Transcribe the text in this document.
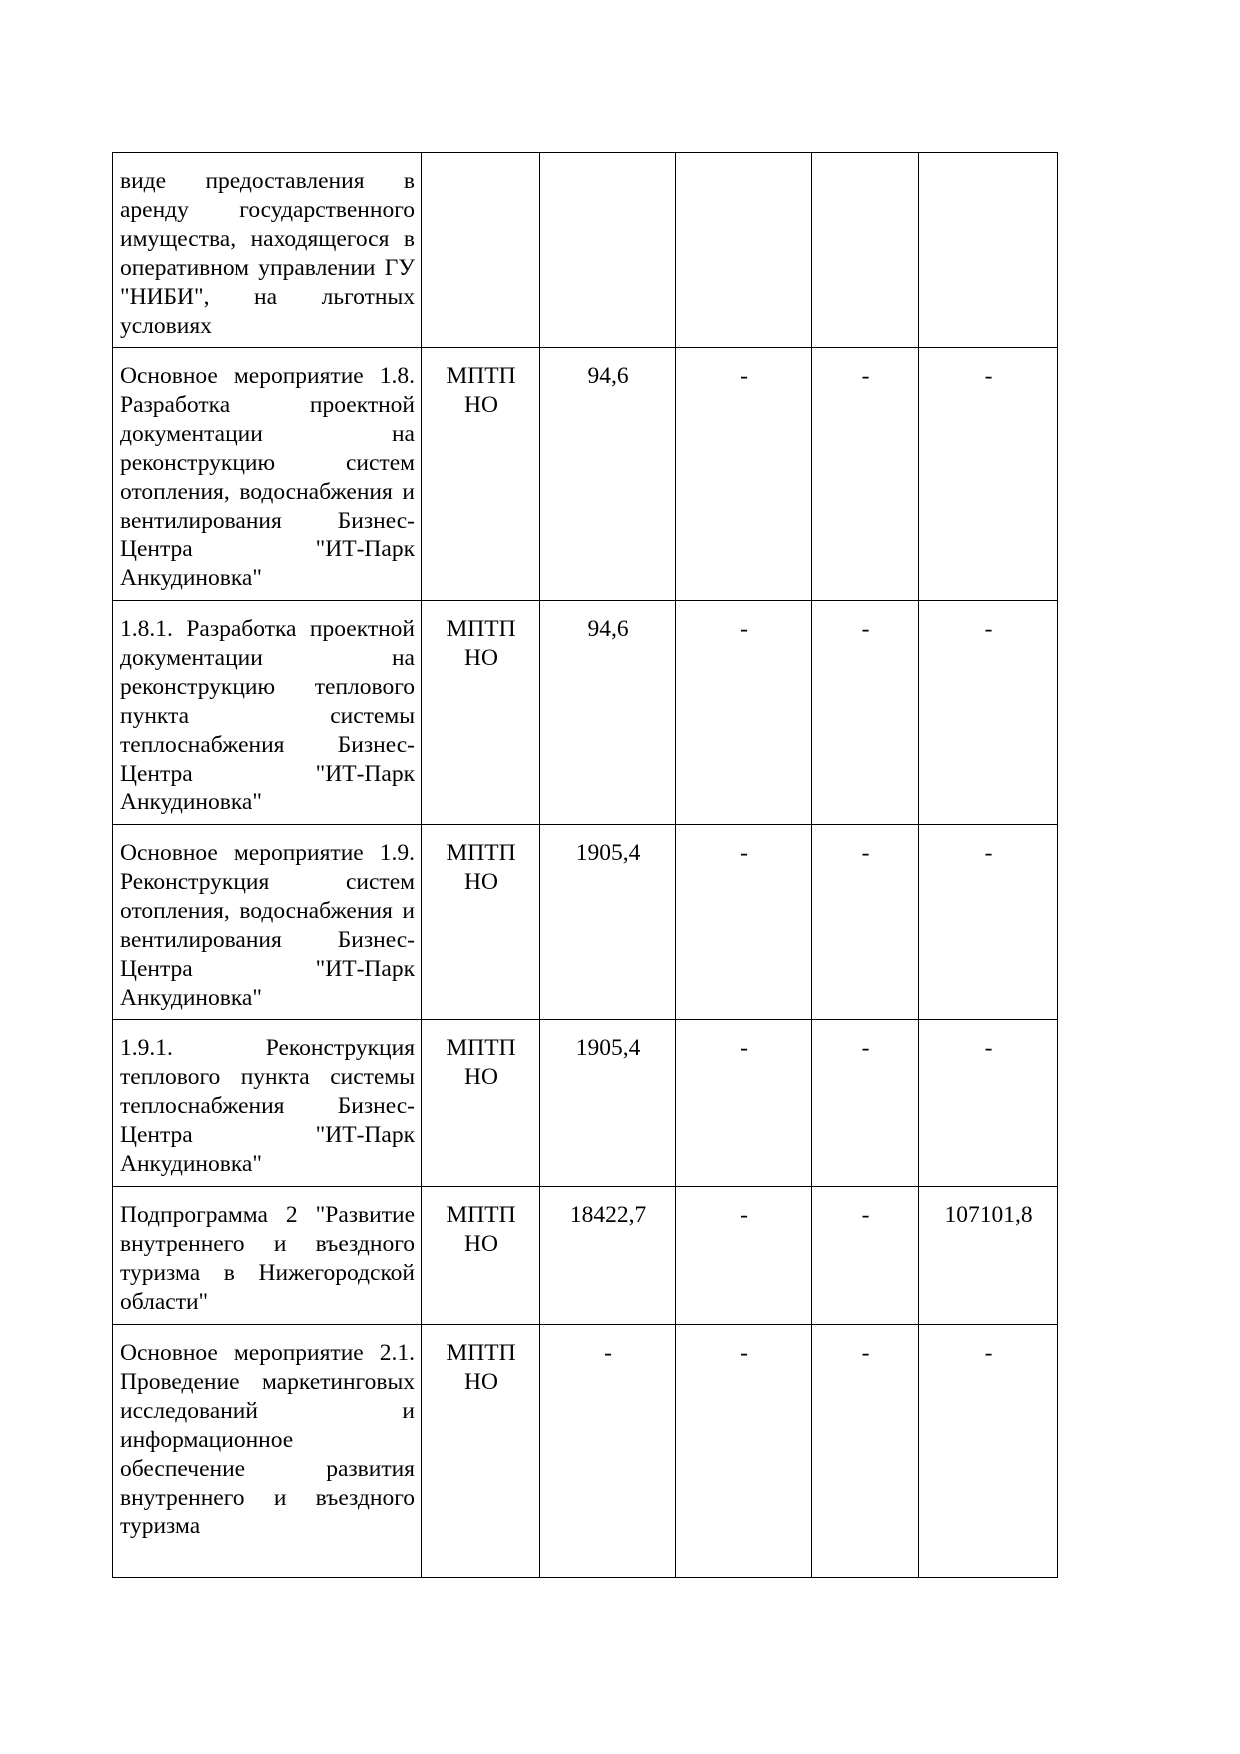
виде предоставления в аренду государственного имущества, находящегося в оперативном управлении ГУ "НИБИ", на льготных условиях					
Основное мероприятие 1.8. Разработка проектной документации на реконструкцию систем отопления, водоснабжения и вентилирования Бизнес-Центра "ИТ-Парк Анкудиновка"	МПТП НО	94,6	-	-	-
1.8.1. Разработка проектной документации на реконструкцию теплового пункта системы теплоснабжения Бизнес-Центра "ИТ-Парк Анкудиновка"	МПТП НО	94,6	-	-	-
Основное мероприятие 1.9. Реконструкция систем отопления, водоснабжения и вентилирования Бизнес-Центра "ИТ-Парк Анкудиновка"	МПТП НО	1905,4	-	-	-
1.9.1. Реконструкция теплового пункта системы теплоснабжения Бизнес-Центра "ИТ-Парк Анкудиновка"	МПТП НО	1905,4	-	-	-
Подпрограмма 2 "Развитие внутреннего и въездного туризма в Нижегородской области"	МПТП НО	18422,7	-	-	107101,8
Основное мероприятие 2.1. Проведение маркетинговых исследований и информационное обеспечение развития внутреннего и въездного туризма	МПТП НО	-	-	-	-
